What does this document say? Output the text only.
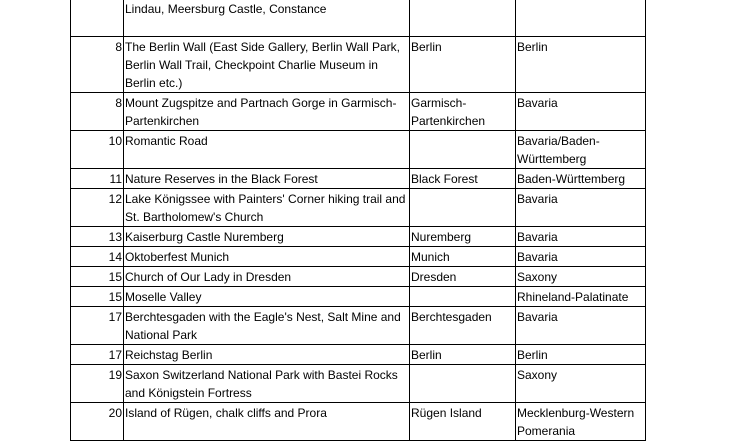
	Lindau, Meersburg Castle, Constance		
8	The Berlin Wall (East Side Gallery, Berlin Wall Park, Berlin Wall Trail, Checkpoint Charlie Museum in Berlin etc.)	Berlin	Berlin
8	Mount Zugspitze and Partnach Gorge in Garmisch-Partenkirchen	Garmisch-Partenkirchen	Bavaria
10	Romantic Road		Bavaria/Baden-Württemberg
11	Nature Reserves in the Black Forest	Black Forest	Baden-Württemberg
12	Lake Königssee with Painters' Corner hiking trail and St. Bartholomew's Church		Bavaria
13	Kaiserburg Castle Nuremberg	Nuremberg	Bavaria
14	Oktoberfest Munich	Munich	Bavaria
15	Church of Our Lady in Dresden	Dresden	Saxony
15	Moselle Valley		Rhineland-Palatinate
17	Berchtesgaden with the Eagle's Nest, Salt Mine and National Park	Berchtesgaden	Bavaria
17	Reichstag Berlin	Berlin	Berlin
19	Saxon Switzerland National Park with Bastei Rocks and Königstein Fortress		Saxony
20	Island of Rügen, chalk cliffs and Prora	Rügen Island	Mecklenburg-Western Pomerania
